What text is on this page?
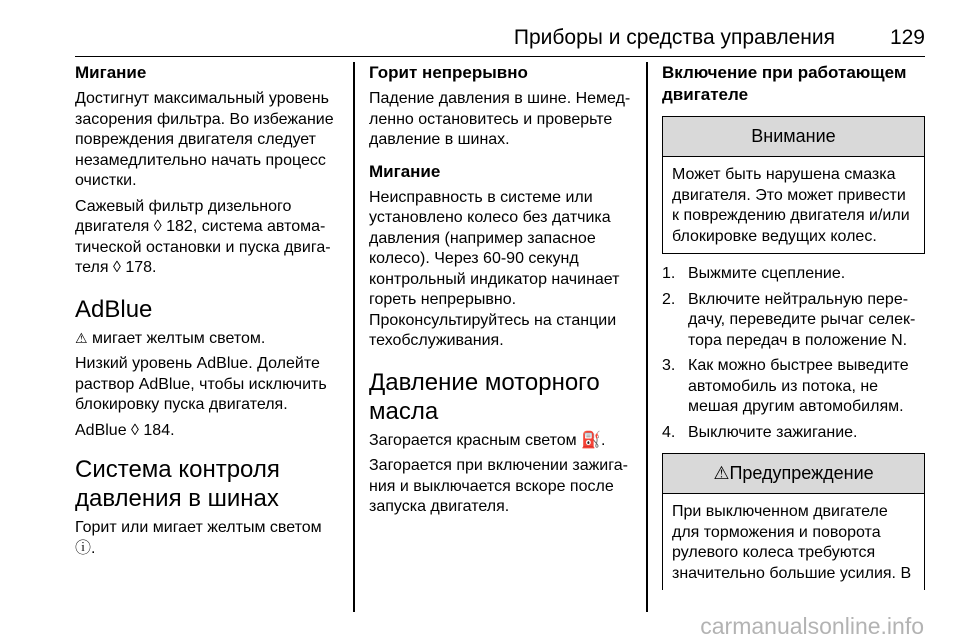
Приборы и средства управления	129
Мигание

Достигнут максимальный уровень засорения фильтра. Во избежание повреждения двигателя следует незамедлительно начать процесс очистки.

Сажевый фильтр дизельного двигателя ◊ 182, система автоматической остановки и пуска двигателя ◊ 178.

AdBlue

⚠ мигает желтым светом.

Низкий уровень AdBlue. Долейте раствор AdBlue, чтобы исключить блокировку пуска двигателя.

AdBlue ◊ 184.

Система контроля давления в шинах

Горит или мигает желтым светом ⓘ.

Горит непрерывно

Падение давления в шине. Немедленно остановитесь и проверьте давление в шинах.

Мигание

Неисправность в системе или установлено колесо без датчика давления (например запасное колесо). Через 60-90 секунд контрольный индикатор начинает гореть непрерывно. Проконсультируйтесь на станции техобслуживания.

Давление моторного масла

Загорается красным светом ⛽.

Загорается при включении зажигания и выключается вскоре после запуска двигателя.

Включение при работающем двигателе
Внимание
Может быть нарушена смазка двигателя. Это может привести к повреждению двигателя и/или блокировке ведущих колес.
1. Выжмите сцепление.
2. Включите нейтральную передачу, переведите рычаг селектора передач в положение N.
3. Как можно быстрее выведите автомобиль из потока, не мешая другим автомобилям.
4. Выключите зажигание.
⚠Предупреждение
При выключенном двигателе для торможения и поворота рулевого колеса требуются значительно большие усилия. В
carmanualsonline.info
